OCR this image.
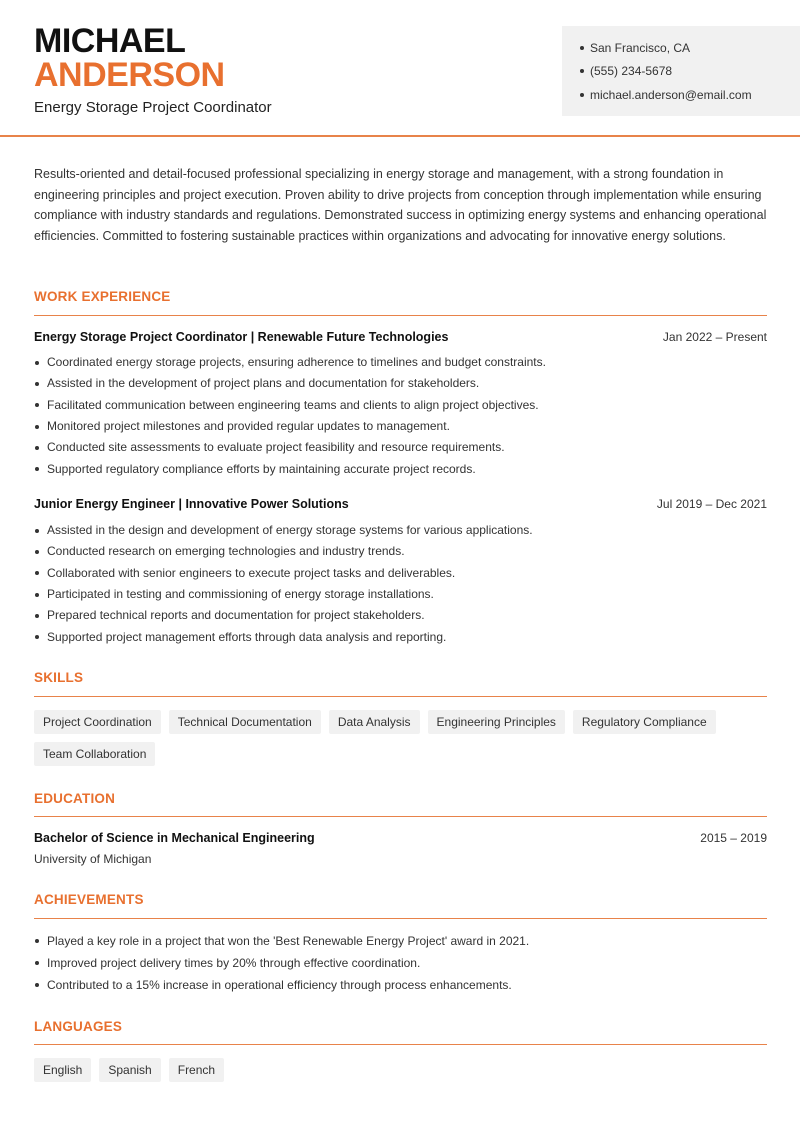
MICHAEL
ANDERSON
Energy Storage Project Coordinator
San Francisco, CA
(555) 234-5678
michael.anderson@email.com

Results-oriented and detail-focused professional specializing in energy storage and management, with a strong foundation in engineering principles and project execution. Proven ability to drive projects from conception through implementation while ensuring compliance with industry standards and regulations. Demonstrated success in optimizing energy systems and enhancing operational efficiencies. Committed to fostering sustainable practices within organizations and advocating for innovative energy solutions.

WORK EXPERIENCE
Energy Storage Project Coordinator | Renewable Future Technologies	Jan 2022 – Present
Coordinated energy storage projects, ensuring adherence to timelines and budget constraints.
Assisted in the development of project plans and documentation for stakeholders.
Facilitated communication between engineering teams and clients to align project objectives.
Monitored project milestones and provided regular updates to management.
Conducted site assessments to evaluate project feasibility and resource requirements.
Supported regulatory compliance efforts by maintaining accurate project records.
Junior Energy Engineer | Innovative Power Solutions	Jul 2019 – Dec 2021
Assisted in the design and development of energy storage systems for various applications.
Conducted research on emerging technologies and industry trends.
Collaborated with senior engineers to execute project tasks and deliverables.
Participated in testing and commissioning of energy storage installations.
Prepared technical reports and documentation for project stakeholders.
Supported project management efforts through data analysis and reporting.
SKILLS
Project Coordination	Technical Documentation	Data Analysis	Engineering Principles	Regulatory Compliance
Team Collaboration
EDUCATION
Bachelor of Science in Mechanical Engineering	2015 – 2019
University of Michigan
ACHIEVEMENTS
Played a key role in a project that won the 'Best Renewable Energy Project' award in 2021.
Improved project delivery times by 20% through effective coordination.
Contributed to a 15% increase in operational efficiency through process enhancements.
LANGUAGES
English	Spanish	French
